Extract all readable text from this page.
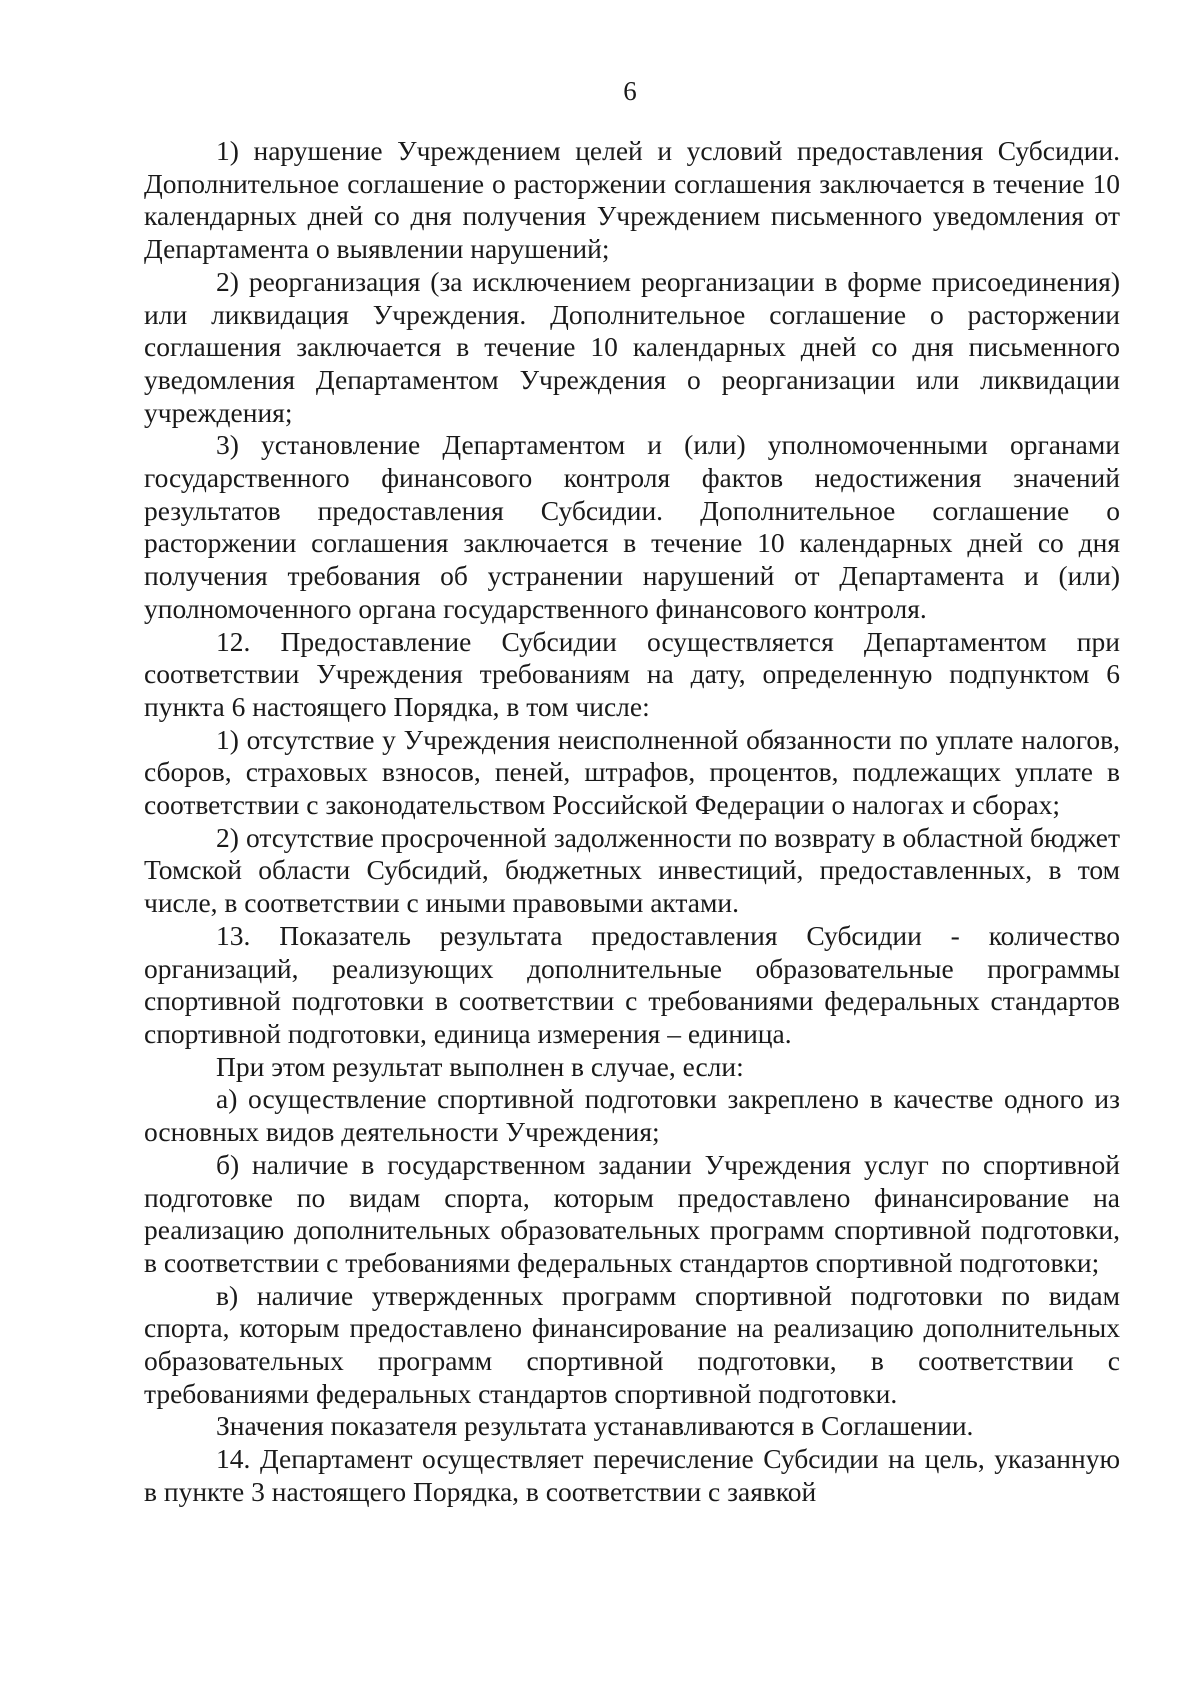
6

1) нарушение Учреждением целей и условий предоставления Субсидии. Дополнительное соглашение о расторжении соглашения заключается в течение 10 календарных дней со дня получения Учреждением письменного уведомления от Департамента о выявлении нарушений;

2) реорганизация (за исключением реорганизации в форме присоединения) или ликвидация Учреждения. Дополнительное соглашение о расторжении соглашения заключается в течение 10 календарных дней со дня письменного уведомления Департаментом Учреждения о реорганизации или ликвидации учреждения;

3) установление Департаментом и (или) уполномоченными органами государственного финансового контроля фактов недостижения значений результатов предоставления Субсидии. Дополнительное соглашение о расторжении соглашения заключается в течение 10 календарных дней со дня получения требования об устранении нарушений от Департамента и (или) уполномоченного органа государственного финансового контроля.

12. Предоставление Субсидии осуществляется Департаментом при соответствии Учреждения требованиям на дату, определенную подпунктом 6 пункта 6 настоящего Порядка, в том числе:

1) отсутствие у Учреждения неисполненной обязанности по уплате налогов, сборов, страховых взносов, пеней, штрафов, процентов, подлежащих уплате в соответствии с законодательством Российской Федерации о налогах и сборах;

2) отсутствие просроченной задолженности по возврату в областной бюджет Томской области Субсидий, бюджетных инвестиций, предоставленных, в том числе, в соответствии с иными правовыми актами.

13. Показатель результата предоставления Субсидии - количество организаций, реализующих дополнительные образовательные программы спортивной подготовки в соответствии с требованиями федеральных стандартов спортивной подготовки, единица измерения – единица.

При этом результат выполнен в случае, если:

а) осуществление спортивной подготовки закреплено в качестве одного из основных видов деятельности Учреждения;

б) наличие в государственном задании Учреждения услуг по спортивной подготовке по видам спорта, которым предоставлено финансирование на реализацию дополнительных образовательных программ спортивной подготовки, в соответствии с требованиями федеральных стандартов спортивной подготовки;

в) наличие утвержденных программ спортивной подготовки по видам спорта, которым предоставлено финансирование на реализацию дополнительных образовательных программ спортивной подготовки, в соответствии с требованиями федеральных стандартов спортивной подготовки.

Значения показателя результата устанавливаются в Соглашении.

14. Департамент осуществляет перечисление Субсидии на цель, указанную в пункте 3 настоящего Порядка, в соответствии с заявкой
